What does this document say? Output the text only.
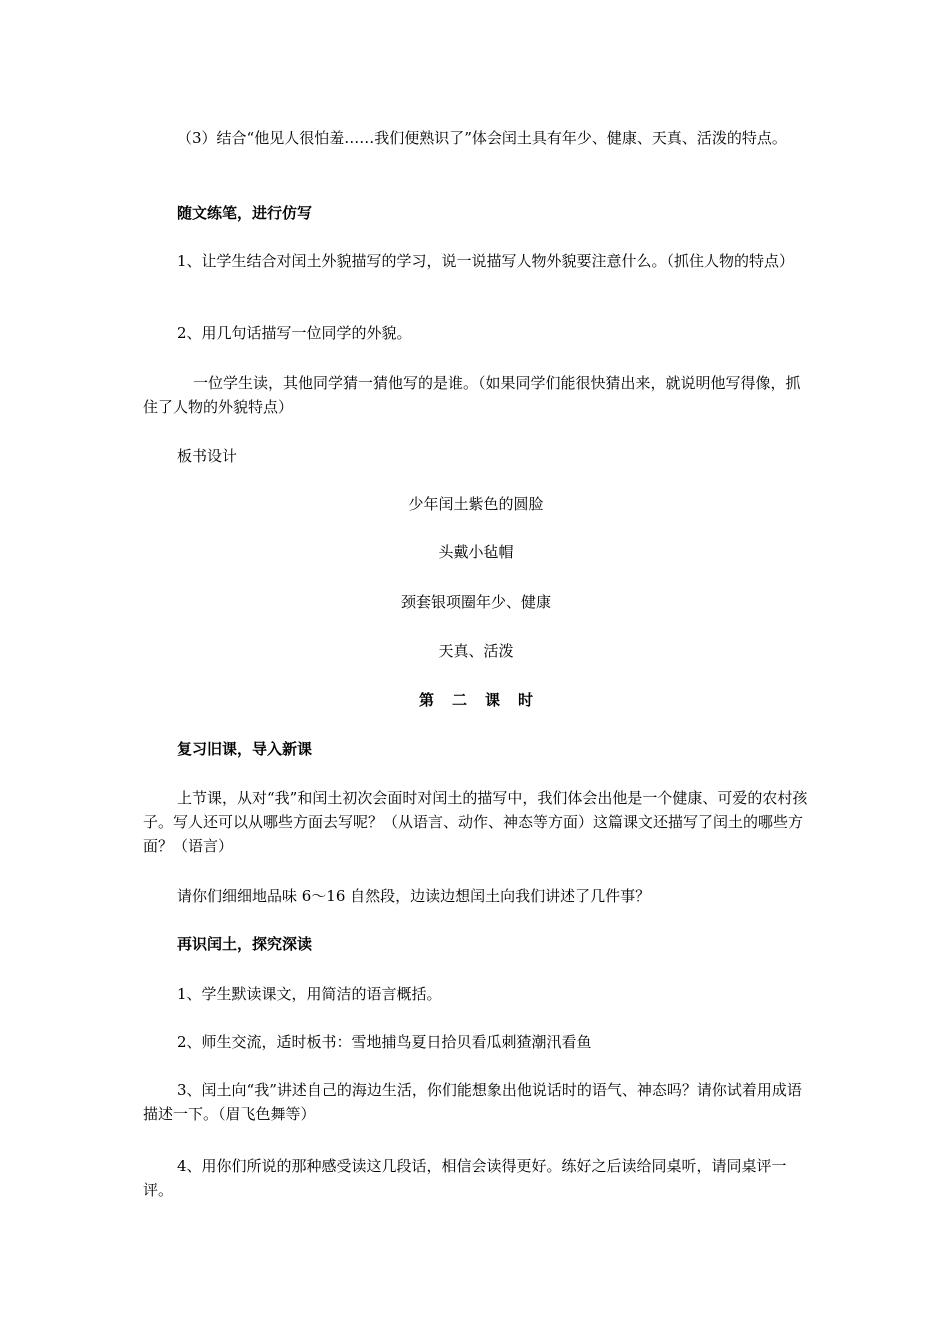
（3）结合“他见人很怕羞……我们便熟识了”体会闰土具有年少、健康、天真、活泼的特点。

随文练笔，进行仿写

1、让学生结合对闰土外貌描写的学习，说一说描写人物外貌要注意什么。（抓住人物的特点）

2、用几句话描写一位同学的外貌。

一位学生读，其他同学猜一猜他写的是谁。（如果同学们能很快猜出来，就说明他写得像，抓住了人物的外貌特点）

板书设计

少年闰土紫色的圆脸

头戴小毡帽

颈套银项圈年少、健康

天真、活泼

第二课时

复习旧课，导入新课

上节课，从对“我”和闰土初次会面时对闰土的描写中，我们体会出他是一个健康、可爱的农村孩子。写人还可以从哪些方面去写呢？（从语言、动作、神态等方面）这篇课文还描写了闰土的哪些方面？（语言）

请你们细细地品味 6～16 自然段，边读边想闰土向我们讲述了几件事？

再识闰土，探究深读

1、学生默读课文，用简洁的语言概括。

2、师生交流，适时板书：雪地捕鸟夏日拾贝看瓜刺猹潮汛看鱼

3、闰土向“我”讲述自己的海边生活，你们能想象出他说话时的语气、神态吗？请你试着用成语描述一下。（眉飞色舞等）

4、用你们所说的那种感受读这几段话，相信会读得更好。练好之后读给同桌听，请同桌评一评。
